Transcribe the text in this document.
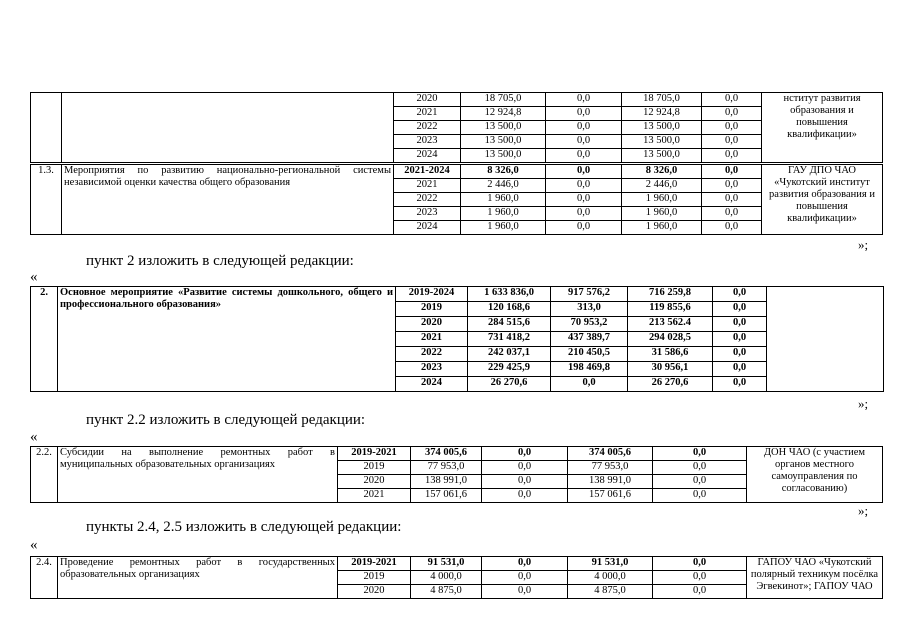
		2020	18 705,0	0,0	18 705,0	0,0	нститут развития образования и повышения квалификации»
		2021	12 924,8	0,0	12 924,8	0,0	
		2022	13 500,0	0,0	13 500,0	0,0	
		2023	13 500,0	0,0	13 500,0	0,0	
		2024	13 500,0	0,0	13 500,0	0,0	
1.3.	Мероприятия по развитию национально-региональной системы независимой оценки качества общего образования	2021-2024	8 326,0	0,0	8 326,0	0,0	ГАУ ДПО ЧАО «Чукотский институт развития образования и повышения квалификации»
		2021	2 446,0	0,0	2 446,0	0,0	
		2022	1 960,0	0,0	1 960,0	0,0	
		2023	1 960,0	0,0	1 960,0	0,0	
		2024	1 960,0	0,0	1 960,0	0,0	
»;
пункт 2 изложить в следующей редакции:
«
2.	Основное мероприятие «Развитие системы дошкольного, общего и профессионального образования»	2019-2024	1 633 836,0	917 576,2	716 259,8	0,0	
		2019	120 168,6	313,0	119 855,6	0,0	
		2020	284 515,6	70 953,2	213 562.4	0,0	
		2021	731 418,2	437 389,7	294 028,5	0,0	
		2022	242 037,1	210 450,5	31 586,6	0,0	
		2023	229 425,9	198 469,8	30 956,1	0,0	
		2024	26 270,6	0,0	26 270,6	0,0	
»;
пункт 2.2 изложить в следующей редакции:
«
2.2.	Субсидии на выполнение ремонтных работ в муниципальных образовательных организациях	2019-2021	374 005,6	0,0	374 005,6	0,0	ДОН ЧАО (с участием органов местного самоуправления по согласованию)
		2019	77 953,0	0,0	77 953,0	0,0	
		2020	138 991,0	0,0	138 991,0	0,0	
		2021	157 061,6	0,0	157 061,6	0,0	
»;
пункты 2.4, 2.5 изложить в следующей редакции:
«
2.4.	Проведение ремонтных работ в государственных образовательных организациях	2019-2021	91 531,0	0,0	91 531,0	0,0	ГАПОУ ЧАО «Чукотский полярный техникум посёлка Эгвекинот»; ГАПОУ ЧАО
		2019	4 000,0	0,0	4 000,0	0,0	
		2020	4 875,0	0,0	4 875,0	0,0	
